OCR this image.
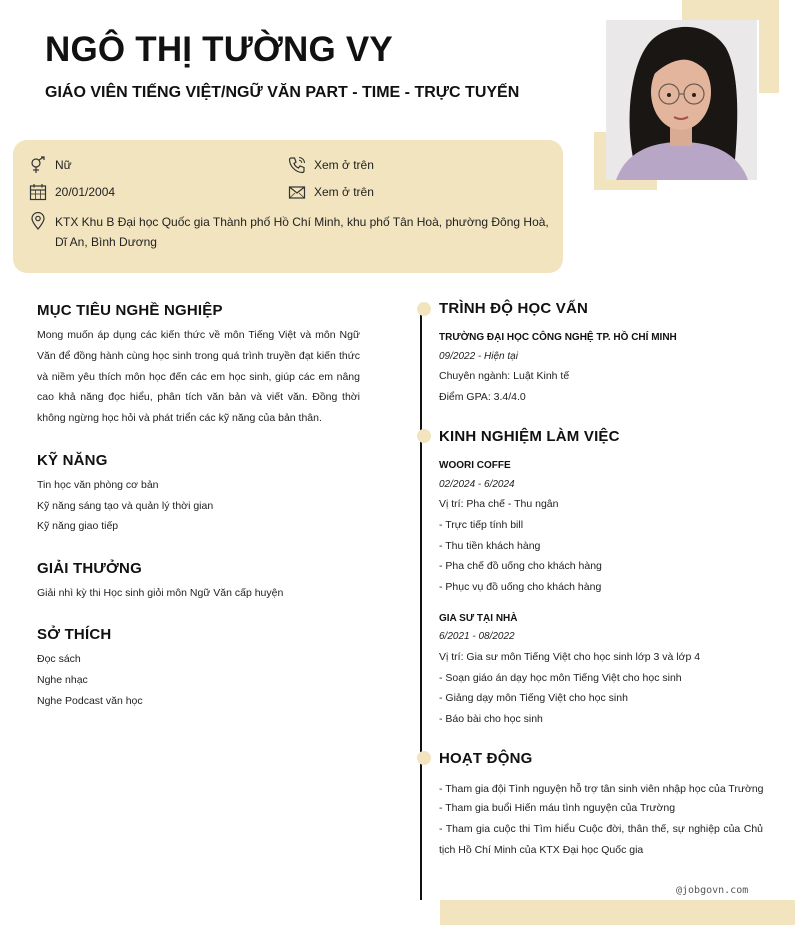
NGÔ THỊ TƯỜNG VY
GIÁO VIÊN TIẾNG VIỆT/NGỮ VĂN PART - TIME - TRỰC TUYẾN
Nữ
20/01/2004
KTX Khu B Đại học Quốc gia Thành phố Hồ Chí Minh, khu phố Tân Hoà, phường Đông Hoà, Dĩ An, Bình Dương
Xem ở trên
Xem ở trên
MỤC TIÊU NGHỀ NGHIỆP
Mong muốn áp dụng các kiến thức về môn Tiếng Việt và môn Ngữ Văn để đồng hành cùng học sinh trong quá trình truyền đạt kiến thức và niềm yêu thích môn học đến các em học sinh, giúp các em nâng cao khả năng đọc hiểu, phân tích văn bản và viết văn. Đồng thời không ngừng học hỏi và phát triển các kỹ năng của bản thân.
KỸ NĂNG
Tin học văn phòng cơ bản
Kỹ năng sáng tạo và quản lý thời gian
Kỹ năng giao tiếp
GIẢI THƯỞNG
Giải nhì kỳ thi Học sinh giỏi môn Ngữ Văn cấp huyện
SỞ THÍCH
Đọc sách
Nghe nhạc
Nghe Podcast văn học
TRÌNH ĐỘ HỌC VẤN
TRƯỜNG ĐẠI HỌC CÔNG NGHỆ TP. HỒ CHÍ MINH
09/2022 - Hiện tại
Chuyên ngành: Luật Kinh tế
Điểm GPA: 3.4/4.0
KINH NGHIỆM LÀM VIỆC
WOORI COFFE
02/2024 - 6/2024
Vị trí: Pha chế - Thu ngân
- Trực tiếp tính bill
- Thu tiền khách hàng
- Pha chế đồ uống cho khách hàng
- Phục vụ đồ uống cho khách hàng
GIA SƯ TẠI NHÀ
6/2021 - 08/2022
Vị trí: Gia sư môn Tiếng Việt cho học sinh lớp 3 và lớp 4
- Soạn giáo án dạy học môn Tiếng Việt cho học sinh
- Giảng dạy môn Tiếng Việt cho học sinh
- Báo bài cho học sinh
HOẠT ĐỘNG
- Tham gia đội Tình nguyện hỗ trợ tân sinh viên nhập học của Trường
- Tham gia buổi Hiến máu tình nguyện của Trường
- Tham gia cuộc thi Tìm hiểu Cuộc đời, thân thế, sự nghiệp của Chủ tịch Hồ Chí Minh của KTX Đại học Quốc gia
@jobgovn.com
